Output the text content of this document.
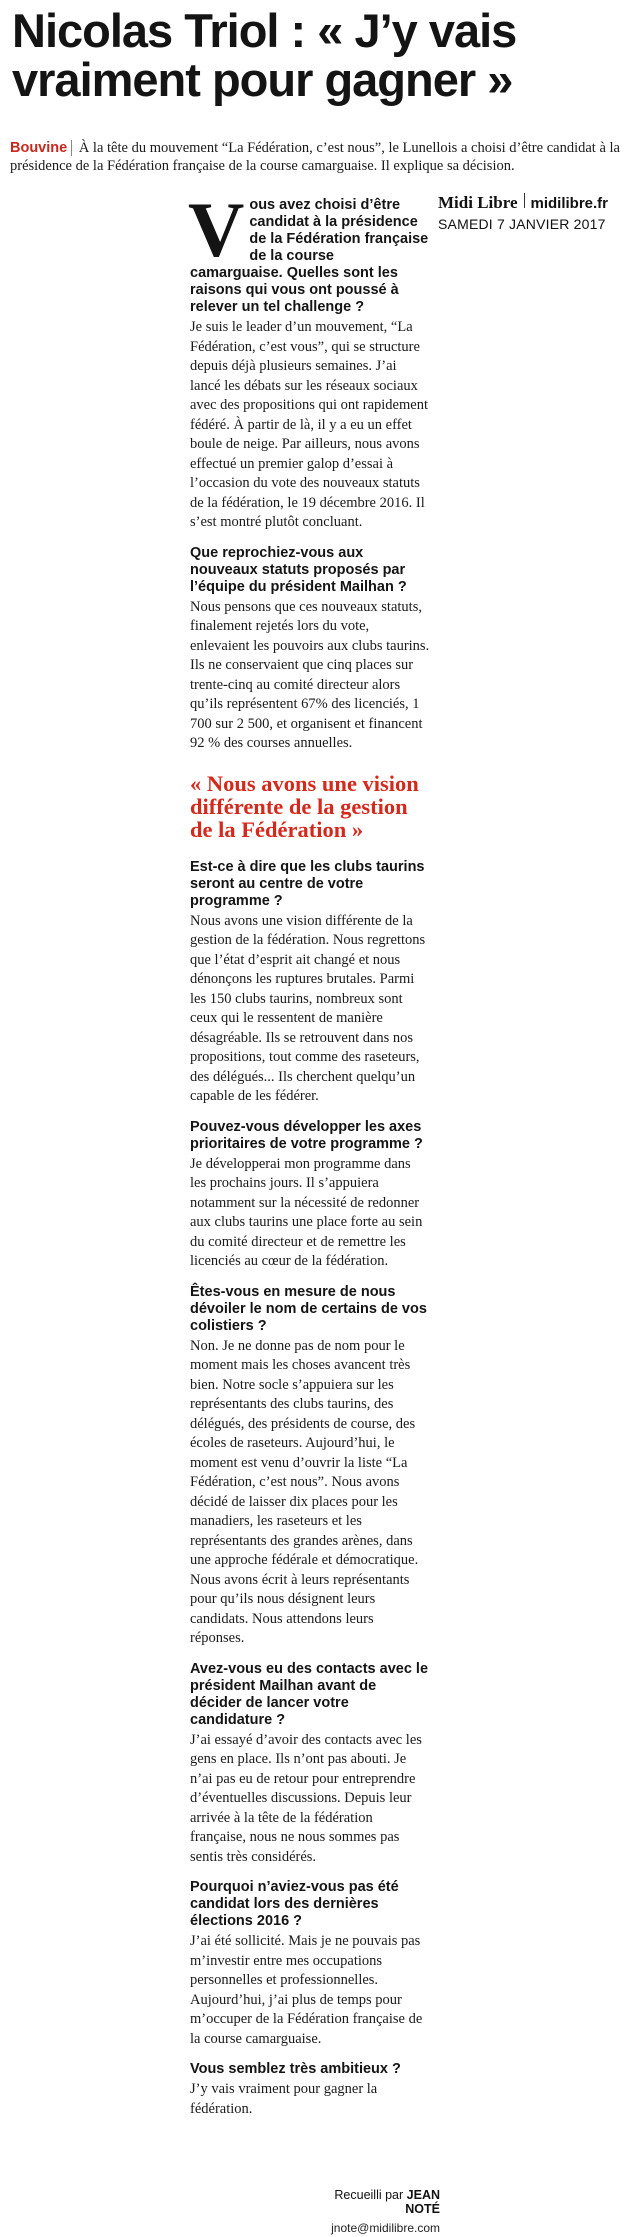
Nicolas Triol : « J’y vais vraiment pour gagner »
Bouvine À la tête du mouvement “La Fédération, c’est nous”, le Lunellois a choisi d’être candidat à la présidence de la Fédération française de la course camarguaise. Il explique sa décision.
Midi Libre midilibre.fr
SAMEDI 7 JANVIER 2017

Vous avez choisi d’être candidat à la présidence de la Fédération française de la course camarguaise. Quelles sont les raisons qui vous ont poussé à relever un tel challenge ?

Je suis le leader d’un mouvement, “La Fédération, c’est vous”, qui se structure depuis déjà plusieurs semaines. J’ai lancé les débats sur les réseaux sociaux avec des propositions qui ont rapidement fédéré. À partir de là, il y a eu un effet boule de neige. Par ailleurs, nous avons effectué un premier galop d’essai à l’occasion du vote des nouveaux statuts de la fédération, le 19 décembre 2016. Il s’est montré plutôt concluant.

Que reprochiez-vous aux nouveaux statuts proposés par l’équipe du président Mailhan ?

Nous pensons que ces nouveaux statuts, finalement rejetés lors du vote, enlevaient les pouvoirs aux clubs taurins. Ils ne conservaient que cinq places sur trente-cinq au comité directeur alors qu’ils représentent 67% des licenciés, 1 700 sur 2 500, et organisent et financent 92 % des courses annuelles.

« Nous avons une vision différente de la gestion de la Fédération »

Est-ce à dire que les clubs taurins seront au centre de votre programme ?

Nous avons une vision différente de la gestion de la fédération. Nous regrettons que l’état d’esprit ait changé et nous dénonçons les ruptures brutales. Parmi les 150 clubs taurins, nombreux sont ceux qui le ressentent de manière désagréable. Ils se retrouvent dans nos propositions, tout comme des raseteurs, des délégués... Ils cherchent quelqu’un capable de les fédérer.

Pouvez-vous développer les axes prioritaires de votre programme ?

Je développerai mon programme dans les prochains jours. Il s’appuiera notamment sur la nécessité de redonner aux clubs taurins une place forte au sein du comité directeur et de remettre les licenciés au cœur de la fédération.

Êtes-vous en mesure de nous dévoiler le nom de certains de vos colistiers ?

Non. Je ne donne pas de nom pour le moment mais les choses avancent très bien. Notre socle s’appuiera sur les représentants des clubs taurins, des délégués, des présidents de course, des écoles de raseteurs. Aujourd’hui, le moment est venu d’ouvrir la liste “La Fédération, c’est nous”. Nous avons décidé de laisser dix places pour les manadiers, les raseteurs et les représentants des grandes arènes, dans une approche fédérale et démocratique. Nous avons écrit à leurs représentants pour qu’ils nous désignent leurs candidats. Nous attendons leurs réponses.

Avez-vous eu des contacts avec le président Mailhan avant de décider de lancer votre candidature ?

J’ai essayé d’avoir des contacts avec les gens en place. Ils n’ont pas abouti. Je n’ai pas eu de retour pour entreprendre d’éventuelles discussions. Depuis leur arrivée à la tête de la fédération française, nous ne nous sommes pas sentis très considérés.

Pourquoi n’aviez-vous pas été candidat lors des dernières élections 2016 ?

J’ai été sollicité. Mais je ne pouvais pas m’investir entre mes occupations personnelles et professionnelles. Aujourd’hui, j’ai plus de temps pour m’occuper de la Fédération française de la course camarguaise.

Vous semblez très ambitieux ?

J’y vais vraiment pour gagner la fédération.

Recueilli par JEAN NOTÉ
jnote@midilibre.com
